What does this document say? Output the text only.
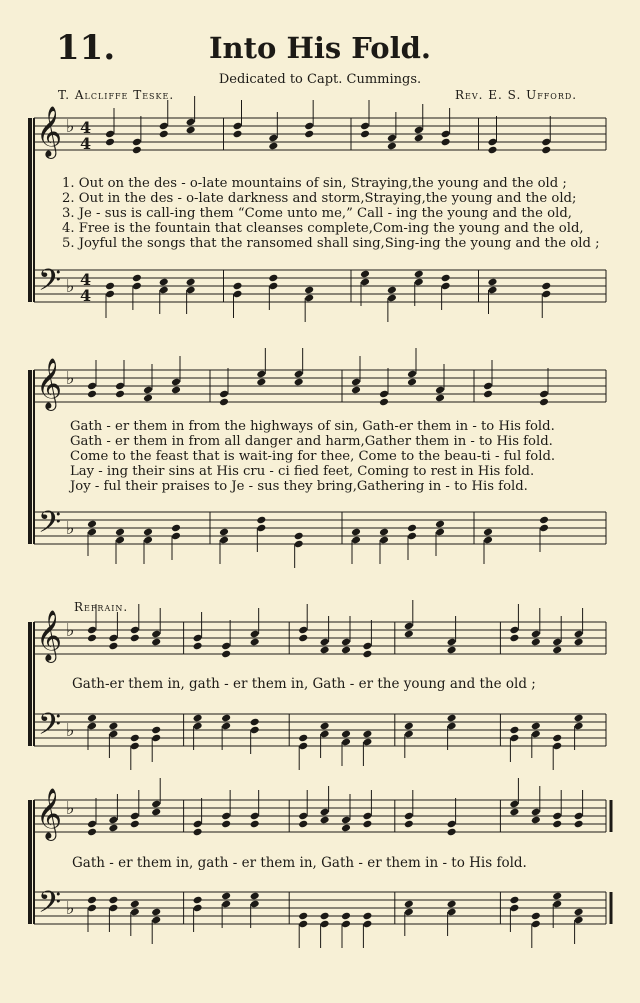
11.	Into His Fold.
Dedicated to Capt. Cummings.
T. Alcliffe Teske.	Rev. E. S. Ufford.
𝄞
𝄢
♭
♭
4
4
4
4
𝄞
𝄢
♭
♭
𝄞
𝄢
♭
♭
𝄞
𝄢
♭
♭
1. Out on the des - o-late mountains of sin, Straying,the young and the old ;
2. Out in the des - o-late darkness and storm,Straying,the young and the old;
3. Je - sus is call-ing them “Come unto me,” Call - ing the young and the old,
4. Free is the fountain that cleanses complete,Com-ing the young and the old,
5. Joyful the songs that the ransomed shall sing,Sing-ing the young and the old ;
Gath - er them in from the highways of sin, Gath-er them in - to His fold.
Gath - er them in from all danger and harm,Gather them in - to His fold.
Come to the feast that is wait-ing for thee, Come to the beau-ti - ful fold.
Lay - ing their sins at His cru - ci fied feet, Coming to rest in His fold.
Joy - ful their praises to Je - sus they bring,Gathering in - to His fold.
Refrain.
Gath-er them in, gath - er them in, Gath - er the young and the old ;
Gath - er them in, gath - er them in, Gath - er them in - to His fold.
